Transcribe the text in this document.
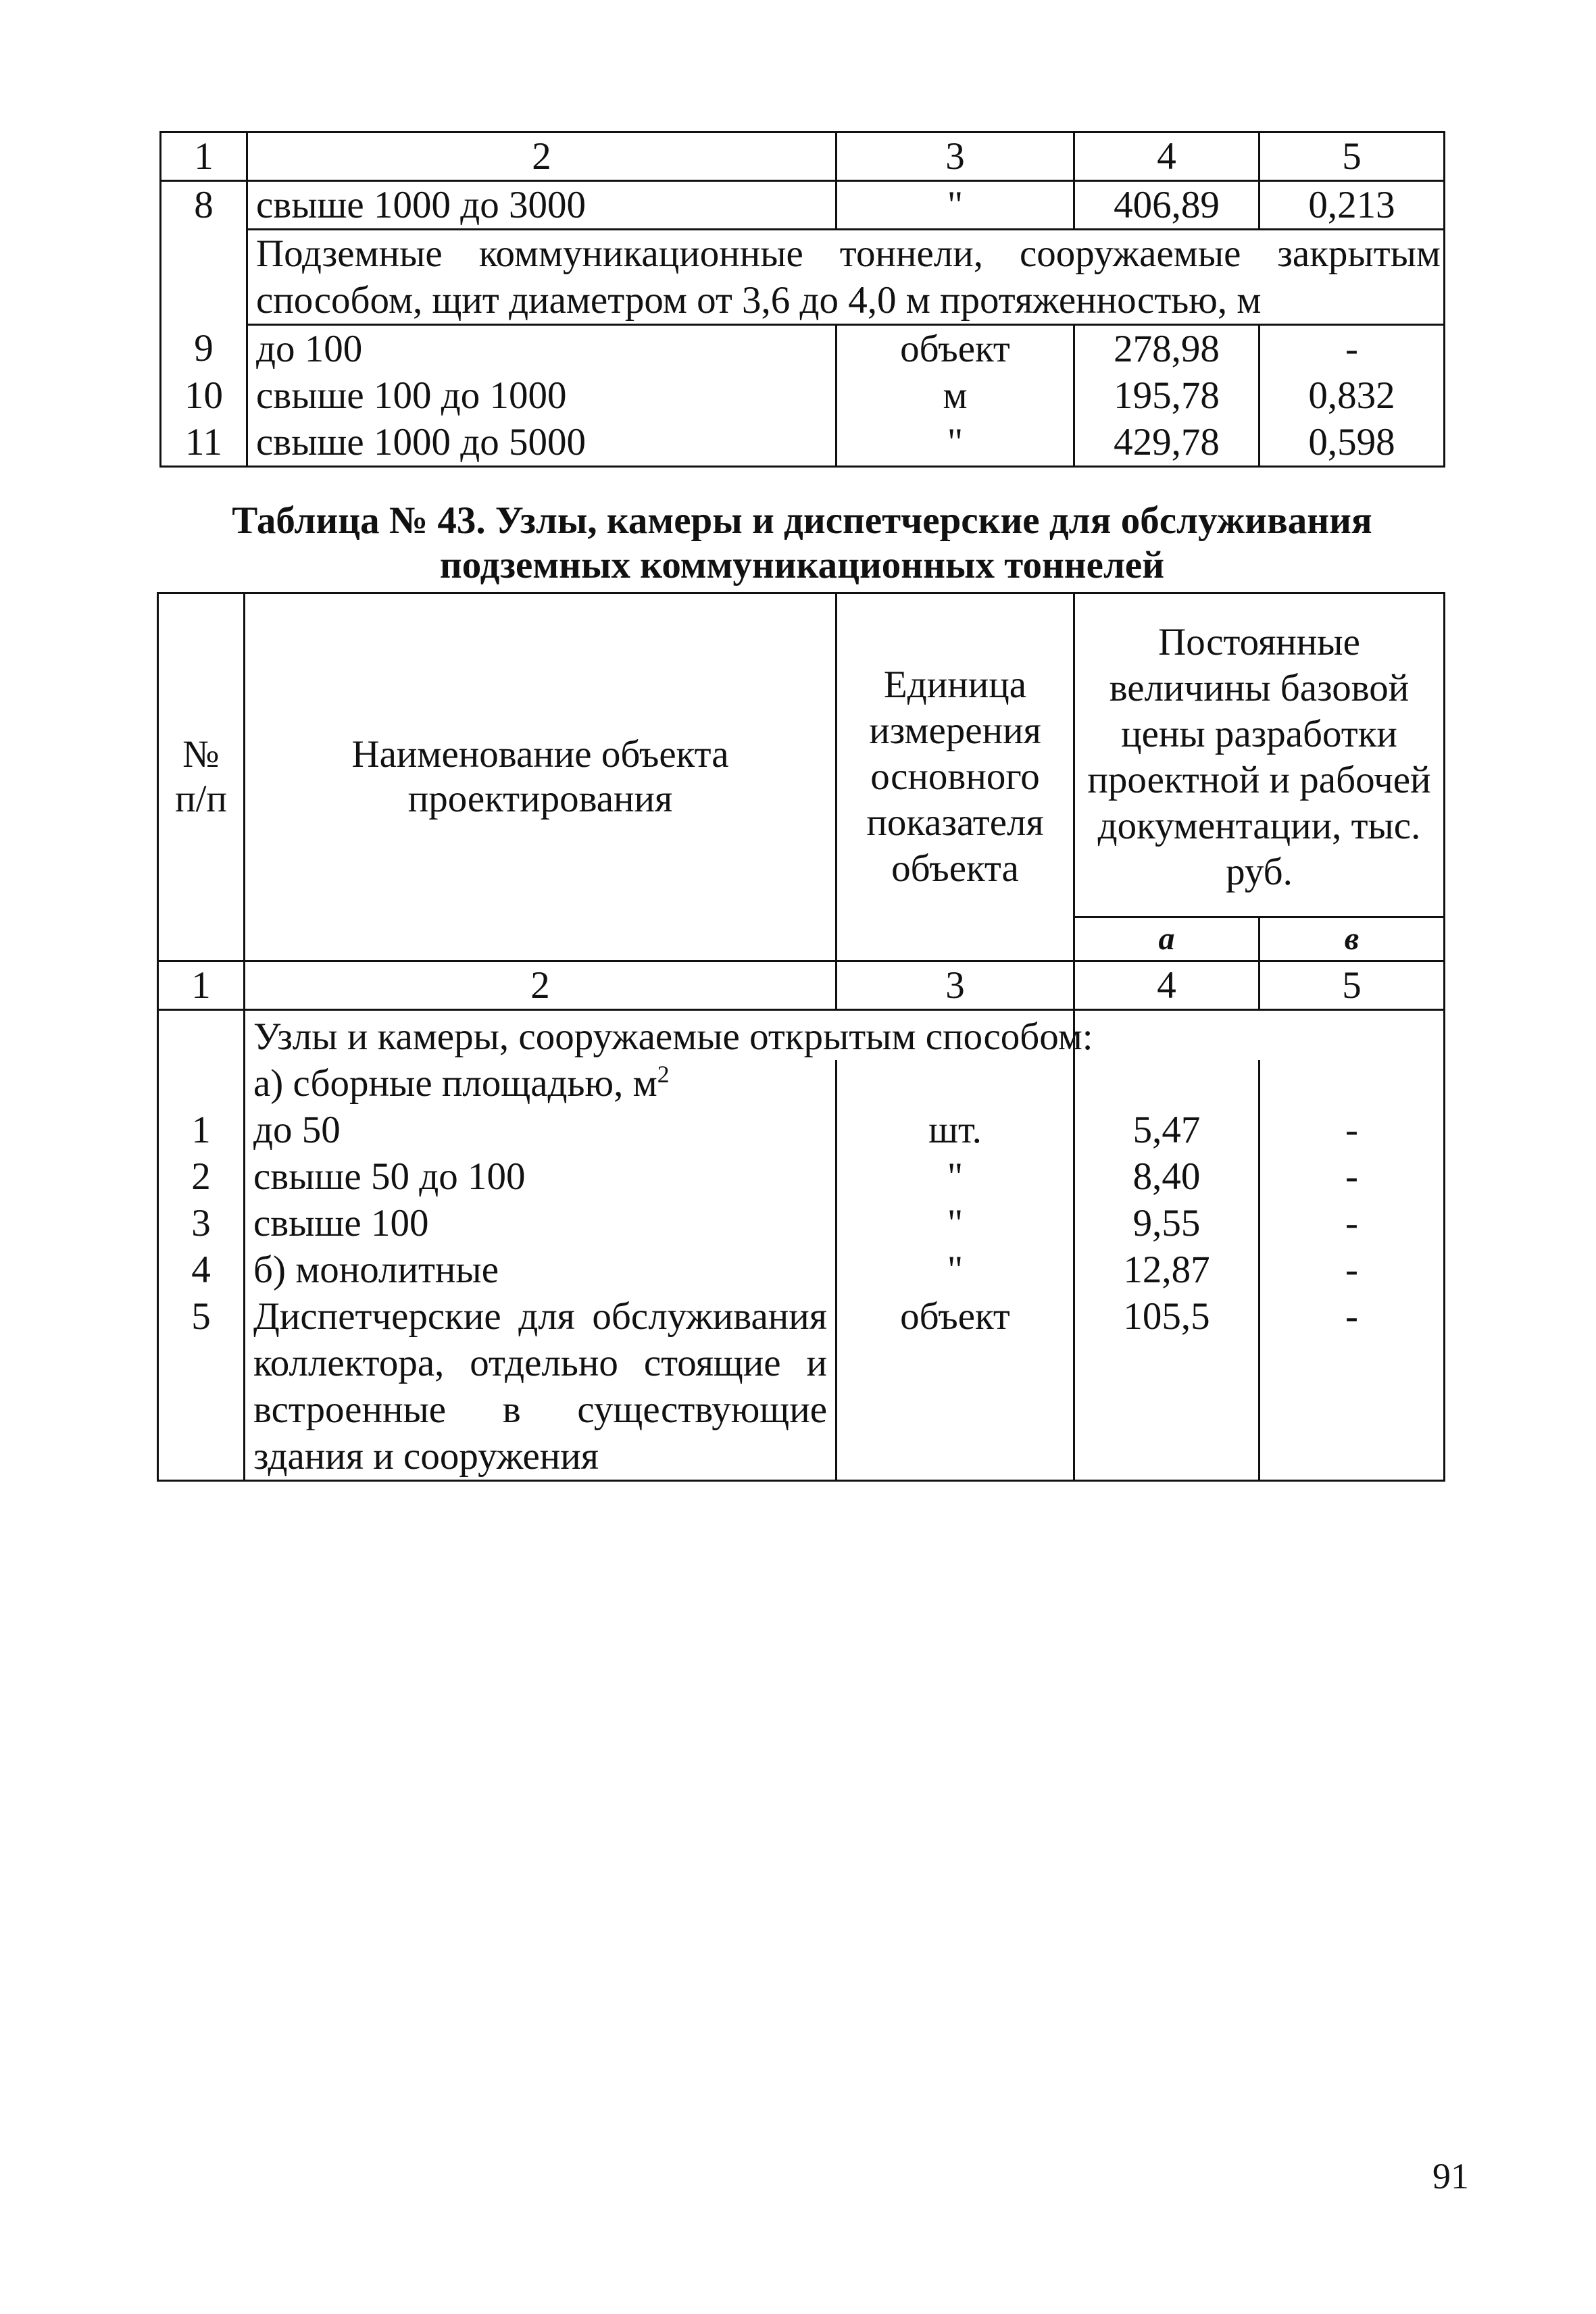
1	2	3	4	5
8	свыше 1000 до 3000	"	406,89	0,213

	Подземные коммуникационные тоннели, сооружаемые закрытым
способом, щит диаметром от 3,6 до 4,0 м протяженностью, м			

9	до 100	объект	278,98	-
10	свыше 100 до 1000	м	195,78	0,832
11	свыше 1000 до 5000	"	429,78	0,598
Таблица № 43. Узлы, камеры и диспетчерские для обслуживания
подземных коммуникационных тоннелей
№ п/п	Наименование объекта проектирования	Единица измерения основного показателя объекта	Постоянные величины базовой цены разработки проектной и рабочей документации, тыс. руб.	
			а	в
1	2	3	4	5
	Узлы и камеры, сооружаемые открытым способом:			
	а) сборные площадью, $м^2$			
1	до 50	шт.	5,47	-
2	свыше 50 до 100	"	8,40	-
3	свыше 100	"	9,55	-
4	б) монолитные	"	12,87	-
5	Диспетчерские для обслуживания
коллектора, отдельно стоящие и
встроенные в существующие
здания и сооружения	объект	105,5	-
91
